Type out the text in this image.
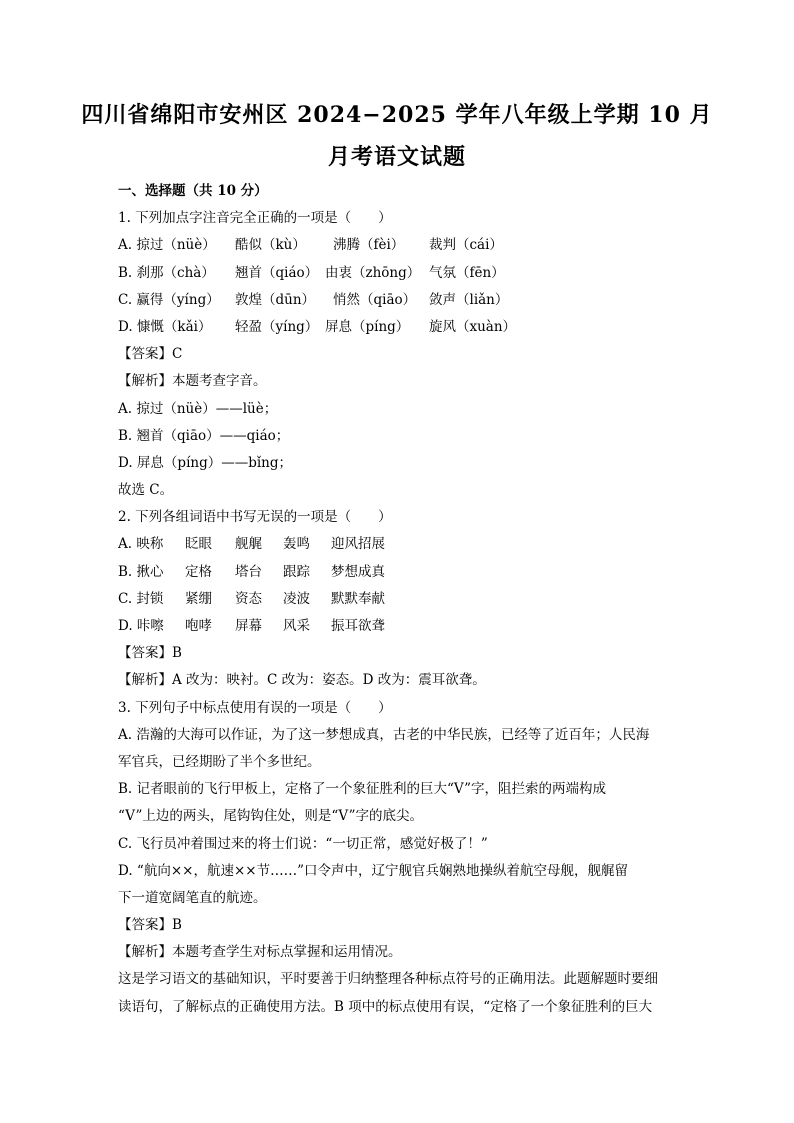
四川省绵阳市安州区 2024−2025 学年八年级上学期 10 月
月考语文试题
一、选择题（共 10 分）
1. 下列加点字注音完全正确的一项是（　　）
A. 掠过（nüè）	酷似（kù）	沸腾（fèi）	裁判（cái）
B. 刹那（chà）	翘首（qiáo） 由衷（zhōng） 气氛（fēn）
C. 赢得（yíng）	敦煌（dūn）	悄然（qiāo） 敛声（liǎn）
D. 慷慨（kǎi）	轻盈（yíng） 屏息（píng）	旋风（xuàn）
【答案】C
【解析】本题考查字音。
A. 掠过（nüè）——lüè；
B. 翘首（qiāo）——qiáo；
D. 屏息（píng）——bǐng；
故选 C。
2. 下列各组词语中书写无误的一项是（　　）
A. 映称	眨眼	舰艉	轰鸣	迎风招展
B. 揪心	定格	塔台	跟踪	梦想成真
C. 封锁	紧绷	资态	凌波	默默奉献
D. 咔嚓	咆哮	屏幕	风采	振耳欲聋
【答案】B
【解析】A 改为：映衬。C 改为：姿态。D 改为：震耳欲聋。
3. 下列句子中标点使用有误的一项是（　　）
A. 浩瀚的大海可以作证，为了这一梦想成真，古老的中华民族，已经等了近百年；人民海
军官兵，已经期盼了半个多世纪。
B. 记者眼前的飞行甲板上，定格了一个象征胜利的巨大“V”字，阻拦索的两端构成
“V”上边的两头，尾钩钩住处，则是“V”字的底尖。
C. 飞行员冲着围过来的将士们说：“一切正常，感觉好极了！”
D. “航向××，航速××节……”口令声中，辽宁舰官兵娴熟地操纵着航空母舰，舰艉留
下一道宽阔笔直的航迹。
【答案】B
【解析】本题考查学生对标点掌握和运用情况。
这是学习语文的基础知识，平时要善于归纳整理各种标点符号的正确用法。此题解题时要细
读语句，了解标点的正确使用方法。B 项中的标点使用有误，“定格了一个象征胜利的巨大
